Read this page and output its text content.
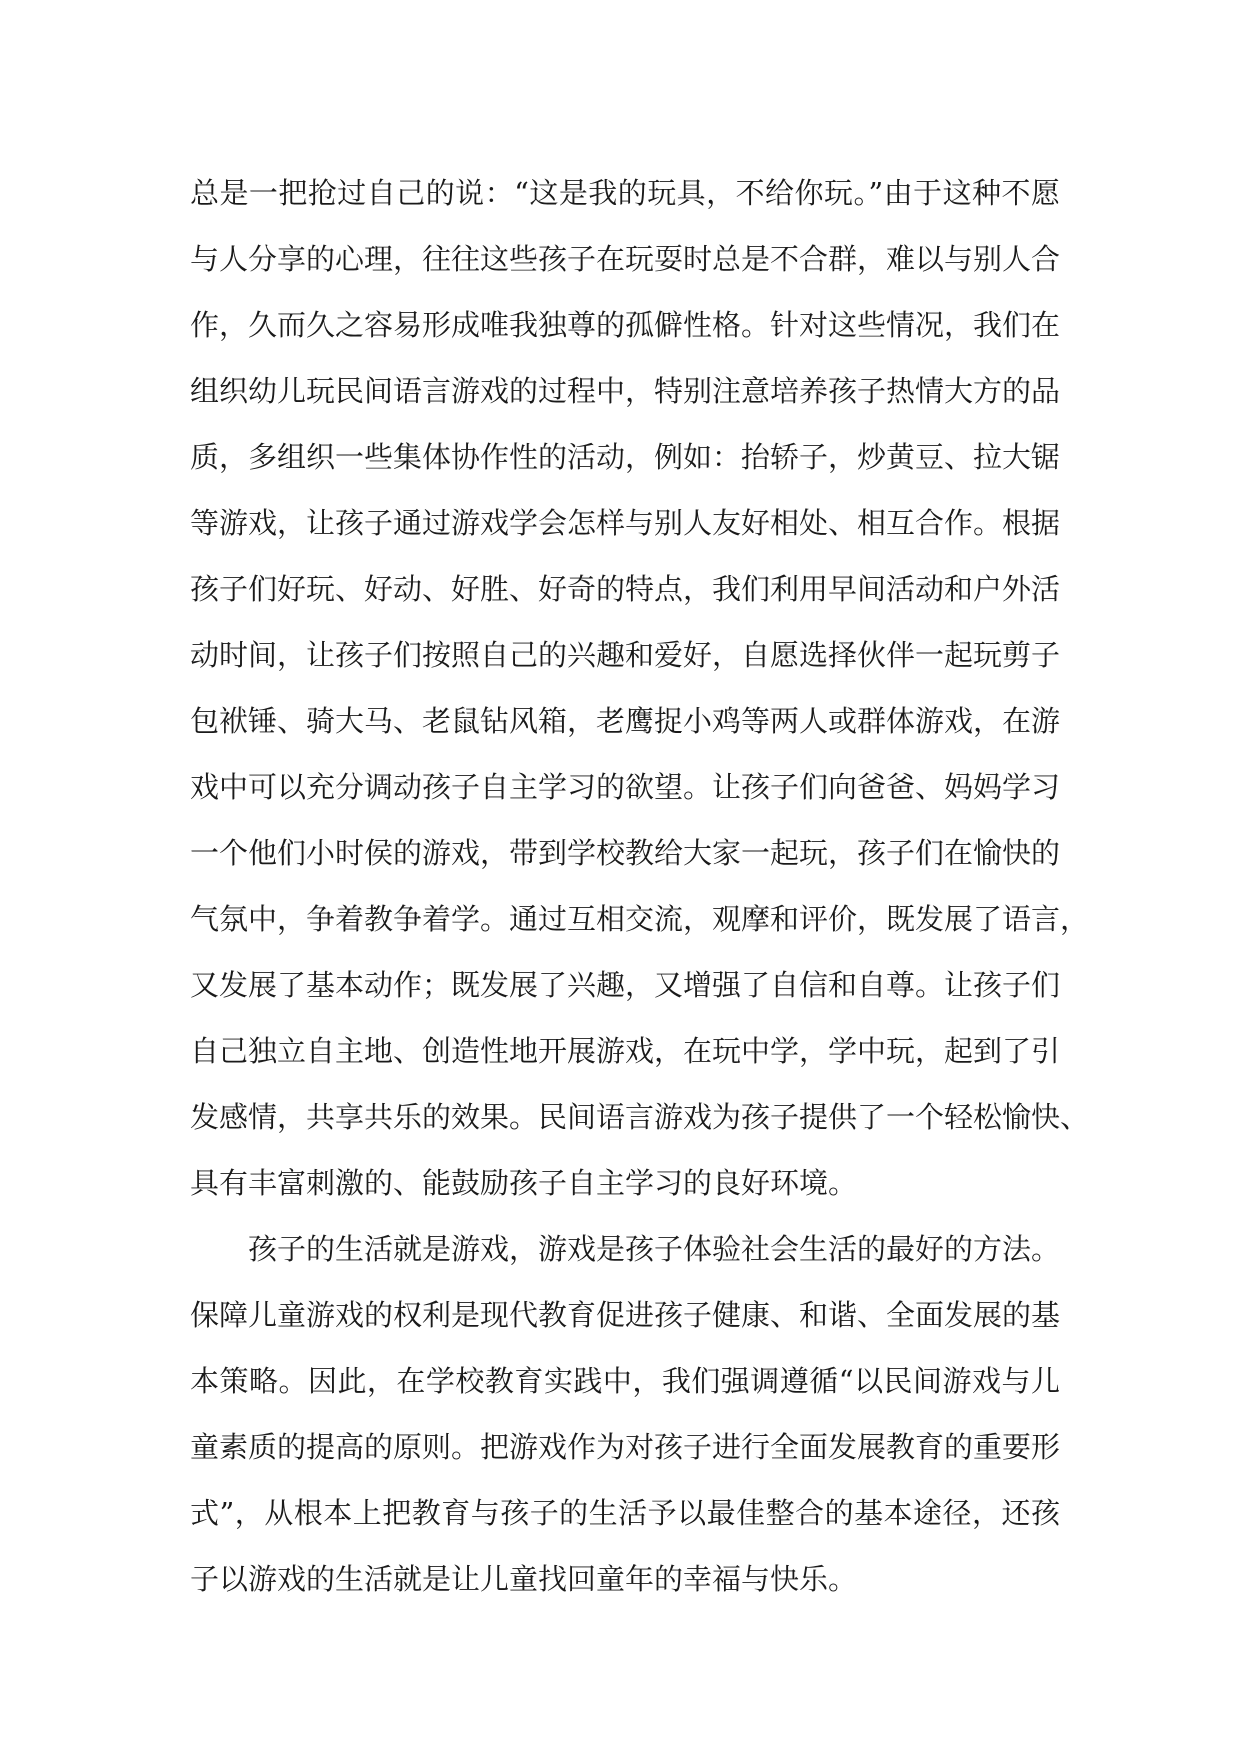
总是一把抢过自己的说：“这是我的玩具，不给你玩。”由于这种不愿
与人分享的心理，往往这些孩子在玩耍时总是不合群，难以与别人合
作，久而久之容易形成唯我独尊的孤僻性格。针对这些情况，我们在
组织幼儿玩民间语言游戏的过程中，特别注意培养孩子热情大方的品
质，多组织一些集体协作性的活动，例如：抬轿子，炒黄豆、拉大锯
等游戏，让孩子通过游戏学会怎样与别人友好相处、相互合作。根据
孩子们好玩、好动、好胜、好奇的特点，我们利用早间活动和户外活
动时间，让孩子们按照自己的兴趣和爱好，自愿选择伙伴一起玩剪子
包袱锤、骑大马、老鼠钻风箱，老鹰捉小鸡等两人或群体游戏，在游
戏中可以充分调动孩子自主学习的欲望。让孩子们向爸爸、妈妈学习
一个他们小时侯的游戏，带到学校教给大家一起玩，孩子们在愉快的
气氛中，争着教争着学。通过互相交流，观摩和评价，既发展了语言，
又发展了基本动作；既发展了兴趣，又增强了自信和自尊。让孩子们
自己独立自主地、创造性地开展游戏，在玩中学，学中玩，起到了引
发感情，共享共乐的效果。民间语言游戏为孩子提供了一个轻松愉快、
具有丰富刺激的、能鼓励孩子自主学习的良好环境。
孩子的生活就是游戏，游戏是孩子体验社会生活的最好的方法。
保障儿童游戏的权利是现代教育促进孩子健康、和谐、全面发展的基
本策略。因此，在学校教育实践中，我们强调遵循“以民间游戏与儿
童素质的提高的原则。把游戏作为对孩子进行全面发展教育的重要形
式”，从根本上把教育与孩子的生活予以最佳整合的基本途径，还孩
子以游戏的生活就是让儿童找回童年的幸福与快乐。
